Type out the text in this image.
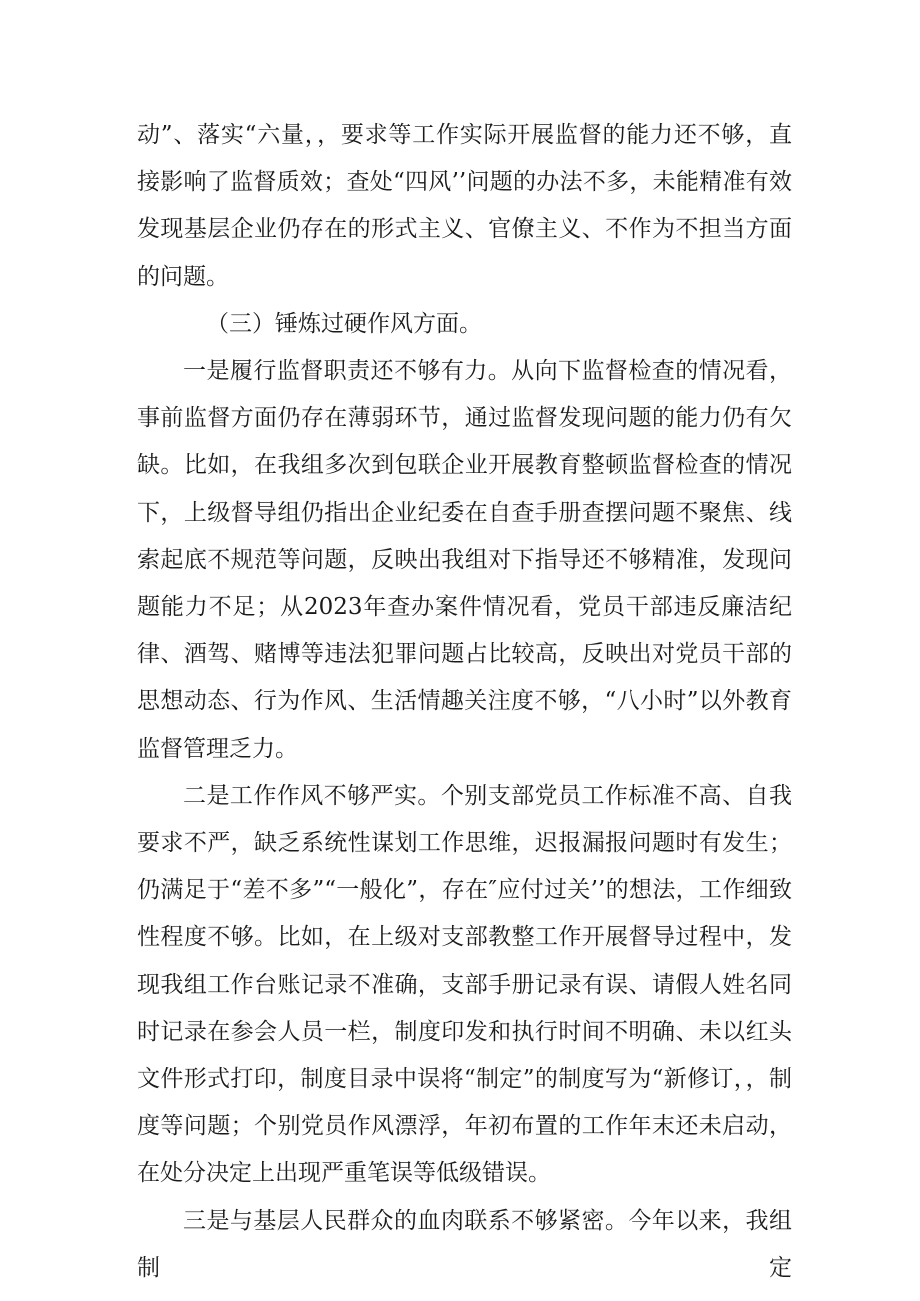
动”、落实“六量，，要求等工作实际开展监督的能力还不够，直接影响了监督质效；查处“四风’’问题的办法不多，未能精准有效发现基层企业仍存在的形式主义、官僚主义、不作为不担当方面的问题。

（三）锤炼过硬作风方面。

一是履行监督职责还不够有力。从向下监督检查的情况看，事前监督方面仍存在薄弱环节，通过监督发现问题的能力仍有欠缺。比如，在我组多次到包联企业开展教育整顿监督检查的情况下，上级督导组仍指出企业纪委在自查手册查摆问题不聚焦、线索起底不规范等问题，反映出我组对下指导还不够精准，发现问题能力不足；从2023年查办案件情况看，党员干部违反廉洁纪律、酒驾、赌博等违法犯罪问题占比较高，反映出对党员干部的思想动态、行为作风、生活情趣关注度不够，“八小时”以外教育监督管理乏力。

二是工作作风不够严实。个别支部党员工作标准不高、自我要求不严，缺乏系统性谋划工作思维，迟报漏报问题时有发生；仍满足于“差不多”“一般化”，存在″应付过关’’的想法，工作细致性程度不够。比如，在上级对支部教整工作开展督导过程中，发现我组工作台账记录不准确，支部手册记录有误、请假人姓名同时记录在参会人员一栏，制度印发和执行时间不明确、未以红头文件形式打印，制度目录中误将“制定”的制度写为“新修订，，制度等问题；个别党员作风漂浮，年初布置的工作年末还未启动，在处分决定上出现严重笔误等低级错误。

三是与基层人民群众的血肉联系不够紧密。今年以来，我组制定
